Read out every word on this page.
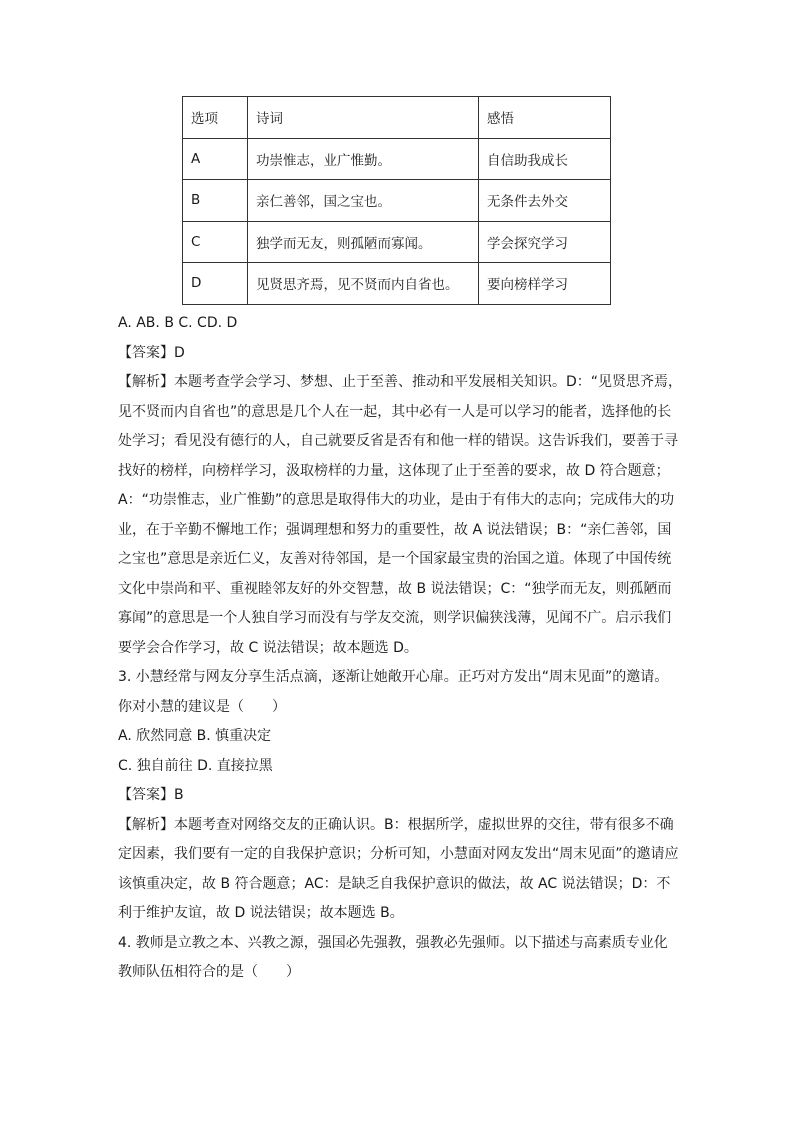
选项	诗词	感悟
A	功崇惟志，业广惟勤。	自信助我成长
B	亲仁善邻，国之宝也。	无条件去外交
C	独学而无友，则孤陋而寡闻。	学会探究学习
D	见贤思齐焉，见不贤而内自省也。	要向榜样学习
A. AB. B C. CD. D
【答案】D
【解析】本题考查学会学习、梦想、止于至善、推动和平发展相关知识。D：“见贤思齐焉，
见不贤而内自省也”的意思是几个人在一起，其中必有一人是可以学习的能者，选择他的长
处学习；看见没有德行的人，自己就要反省是否有和他一样的错误。这告诉我们，要善于寻
找好的榜样，向榜样学习，汲取榜样的力量，这体现了止于至善的要求，故 D 符合题意；
A：“功崇惟志，业广惟勤”的意思是取得伟大的功业，是由于有伟大的志向；完成伟大的功
业，在于辛勤不懈地工作；强调理想和努力的重要性，故 A 说法错误；B：“亲仁善邻，国
之宝也”意思是亲近仁义，友善对待邻国，是一个国家最宝贵的治国之道。体现了中国传统
文化中崇尚和平、重视睦邻友好的外交智慧，故 B 说法错误；C：“独学而无友，则孤陋而
寡闻”的意思是一个人独自学习而没有与学友交流，则学识偏狭浅薄，见闻不广。启示我们
要学会合作学习，故 C 说法错误；故本题选 D。
3. 小慧经常与网友分享生活点滴，逐渐让她敞开心扉。正巧对方发出“周末见面”的邀请。
你对小慧的建议是（　　）
A. 欣然同意 B. 慎重决定
C. 独自前往 D. 直接拉黑
【答案】B
【解析】本题考查对网络交友的正确认识。B：根据所学，虚拟世界的交往，带有很多不确
定因素，我们要有一定的自我保护意识；分析可知，小慧面对网友发出“周末见面”的邀请应
该慎重决定，故 B 符合题意；AC：是缺乏自我保护意识的做法，故 AC 说法错误；D：不
利于维护友谊，故 D 说法错误；故本题选 B。
4. 教师是立教之本、兴教之源，强国必先强教，强教必先强师。以下描述与高素质专业化
教师队伍相符合的是（　　）
